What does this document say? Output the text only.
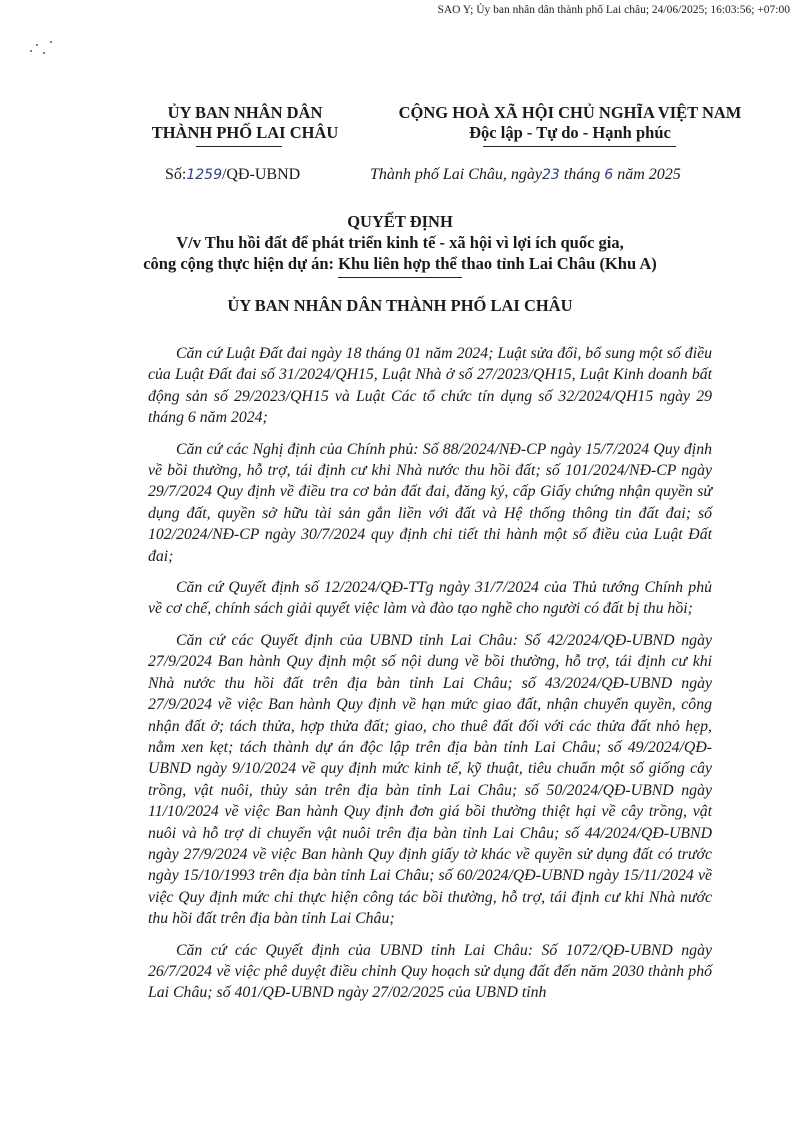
SAO Y; Ủy ban nhân dân thành phố Lai châu; 24/06/2025; 16:03:56; +07:00
ỦY BAN NHÂN DÂN
THÀNH PHỐ LAI CHÂU
CỘNG HOÀ XÃ HỘI CHỦ NGHĨA VIỆT NAM
Độc lập - Tự do - Hạnh phúc
Số:1259/QĐ-UBND	Thành phố Lai Châu, ngày23 tháng 6 năm 2025
QUYẾT ĐỊNH
V/v Thu hồi đất để phát triển kinh tế - xã hội vì lợi ích quốc gia,
công cộng thực hiện dự án: Khu liên hợp thể thao tỉnh Lai Châu (Khu A)
ỦY BAN NHÂN DÂN THÀNH PHỐ LAI CHÂU

Căn cứ Luật Đất đai ngày 18 tháng 01 năm 2024; Luật sửa đổi, bổ sung một số điều của Luật Đất đai số 31/2024/QH15, Luật Nhà ở số 27/2023/QH15, Luật Kinh doanh bất động sản số 29/2023/QH15 và Luật Các tổ chức tín dụng số 32/2024/QH15 ngày 29 tháng 6 năm 2024;

Căn cứ các Nghị định của Chính phủ: Số 88/2024/NĐ-CP ngày 15/7/2024 Quy định về bồi thường, hỗ trợ, tái định cư khi Nhà nước thu hồi đất; số 101/2024/NĐ-CP ngày 29/7/2024 Quy định về điều tra cơ bản đất đai, đăng ký, cấp Giấy chứng nhận quyền sử dụng đất, quyền sở hữu tài sản gắn liền với đất và Hệ thống thông tin đất đai; số 102/2024/NĐ-CP ngày 30/7/2024 quy định chi tiết thi hành một số điều của Luật Đất đai;

Căn cứ Quyết định số 12/2024/QĐ-TTg ngày 31/7/2024 của Thủ tướng Chính phủ về cơ chế, chính sách giải quyết việc làm và đào tạo nghề cho người có đất bị thu hồi;

Căn cứ các Quyết định của UBND tỉnh Lai Châu: Số 42/2024/QĐ-UBND ngày 27/9/2024 Ban hành Quy định một số nội dung về bồi thường, hỗ trợ, tái định cư khi Nhà nước thu hồi đất trên địa bàn tỉnh Lai Châu; số 43/2024/QĐ-UBND ngày 27/9/2024 về việc Ban hành Quy định về hạn mức giao đất, nhận chuyển quyền, công nhận đất ở; tách thửa, hợp thửa đất; giao, cho thuê đất đối với các thửa đất nhỏ hẹp, nằm xen kẹt; tách thành dự án độc lập trên địa bàn tỉnh Lai Châu; số 49/2024/QĐ-UBND ngày 9/10/2024 về quy định mức kinh tế, kỹ thuật, tiêu chuẩn một số giống cây trồng, vật nuôi, thủy sản trên địa bàn tỉnh Lai Châu; số 50/2024/QĐ-UBND ngày 11/10/2024 về việc Ban hành Quy định đơn giá bồi thường thiệt hại về cây trồng, vật nuôi và hỗ trợ di chuyển vật nuôi trên địa bàn tỉnh Lai Châu; số 44/2024/QĐ-UBND ngày 27/9/2024 về việc Ban hành Quy định giấy tờ khác về quyền sử dụng đất có trước ngày 15/10/1993 trên địa bàn tỉnh Lai Châu; số 60/2024/QĐ-UBND ngày 15/11/2024 về việc Quy định mức chi thực hiện công tác bồi thường, hỗ trợ, tái định cư khi Nhà nước thu hồi đất trên địa bàn tỉnh Lai Châu;

Căn cứ các Quyết định của UBND tỉnh Lai Châu: Số 1072/QĐ-UBND ngày 26/7/2024 về việc phê duyệt điều chỉnh Quy hoạch sử dụng đất đến năm 2030 thành phố Lai Châu; số 401/QĐ-UBND ngày 27/02/2025 của UBND tỉnh
